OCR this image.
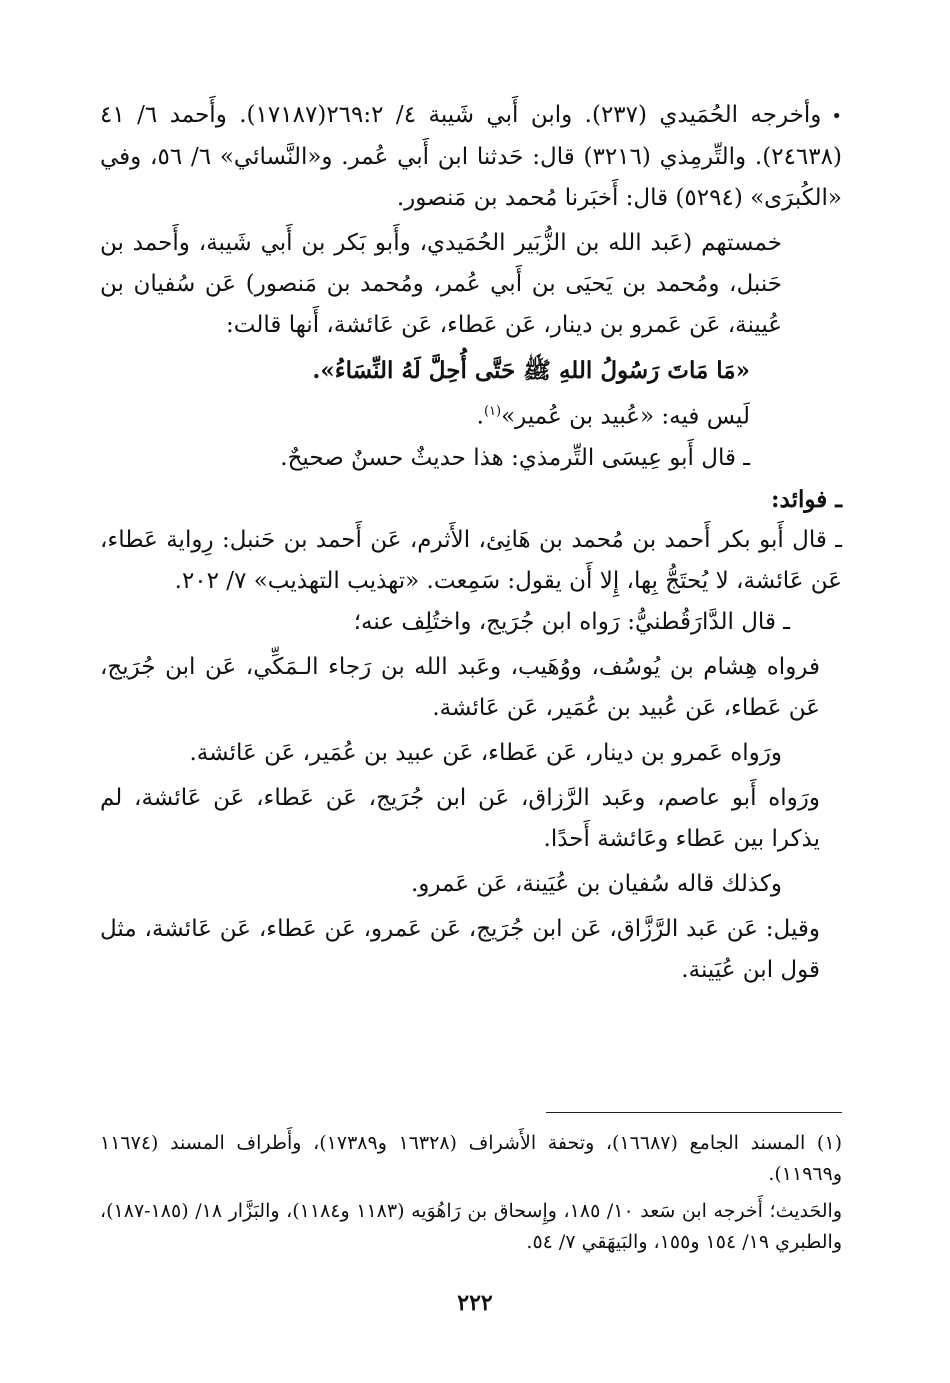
•وأخرجه الحُمَيدي (٢٣٧). وابن أَبي شَيبة ٤/ ٢٦٩:٢(١٧١٨٧). وأَحمد ٦/ ٤١ (٢٤٦٣٨). والتِّرمِذي (٣٢١٦) قال: حَدثنا ابن أَبي عُمر. و«النَّسائي» ٦/ ٥٦، وفي «الكُبرَى» (٥٢٩٤) قال: أَخبَرنا مُحمد بن مَنصور.

خمستهم (عَبد الله بن الزُّبَير الحُمَيدي، وأَبو بَكر بن أَبي شَيبة، وأَحمد بن حَنبل، ومُحمد بن يَحيَى بن أَبي عُمر، ومُحمد بن مَنصور) عَن سُفيان بن عُيينة، عَن عَمرو بن دينار، عَن عَطاء، عَن عَائشة، أَنها قالت:

«مَا مَاتَ رَسُولُ اللهِ ﷺ حَتَّى أُحِلَّ لَهُ النِّسَاءُ».

لَيس فيه: «عُبيد بن عُمير»$^{(١)}$.

ـ قال أَبو عِيسَى التِّرمذي: هذا حديثٌ حسنٌ صحيحٌ.

ـ فوائد:

ـ قال أَبو بكر أَحمد بن مُحمد بن هَانِئ، الأَثرم، عَن أَحمد بن حَنبل: رِواية عَطاء، عَن عَائشة، لا يُحتَجُّ بِها، إِلا أَن يقول: سَمِعت. «تهذيب التهذيب» ٧/ ٢٠٢.

ـ قال الدَّارَقُطنيُّ: رَواه ابن جُرَيج، واختُلِف عنه؛

فرواه هِشام بن يُوسُف، ووُهَيب، وعَبد الله بن رَجاء الـمَكِّي، عَن ابن جُرَيج، عَن عَطاء، عَن عُبيد بن عُمَير، عَن عَائشة.

ورَواه عَمرو بن دينار، عَن عَطاء، عَن عبيد بن عُمَير، عَن عَائشة.

ورَواه أَبو عاصم، وعَبد الرَّزاق، عَن ابن جُرَيج، عَن عَطاء، عَن عَائشة، لم يذكرا بين عَطاء وعَائشة أَحدًا.

وكذلك قاله سُفيان بن عُيَينة، عَن عَمرو.

وقيل: عَن عَبد الرَّزَّاق، عَن ابن جُرَيج، عَن عَمرو، عَن عَطاء، عَن عَائشة، مثل قول ابن عُيَينة.

(١) المسند الجامع (١٦٦٨٧)، وتحفة الأَشراف (١٦٣٢٨ و١٧٣٨٩)، وأَطراف المسند (١١٦٧٤ و١١٩٦٩).

والحَديث؛ أَخرجه ابن سَعد ١٠/ ١٨٥، وإِسحاق بن رَاهُوَيه (١١٨٣ و١١٨٤)، والبَزَّار ١٨/ (١٨٥-١٨٧)، والطبري ١٩/ ١٥٤ و١٥٥، والبَيهَقي ٧/ ٥٤.

٢٢٢
